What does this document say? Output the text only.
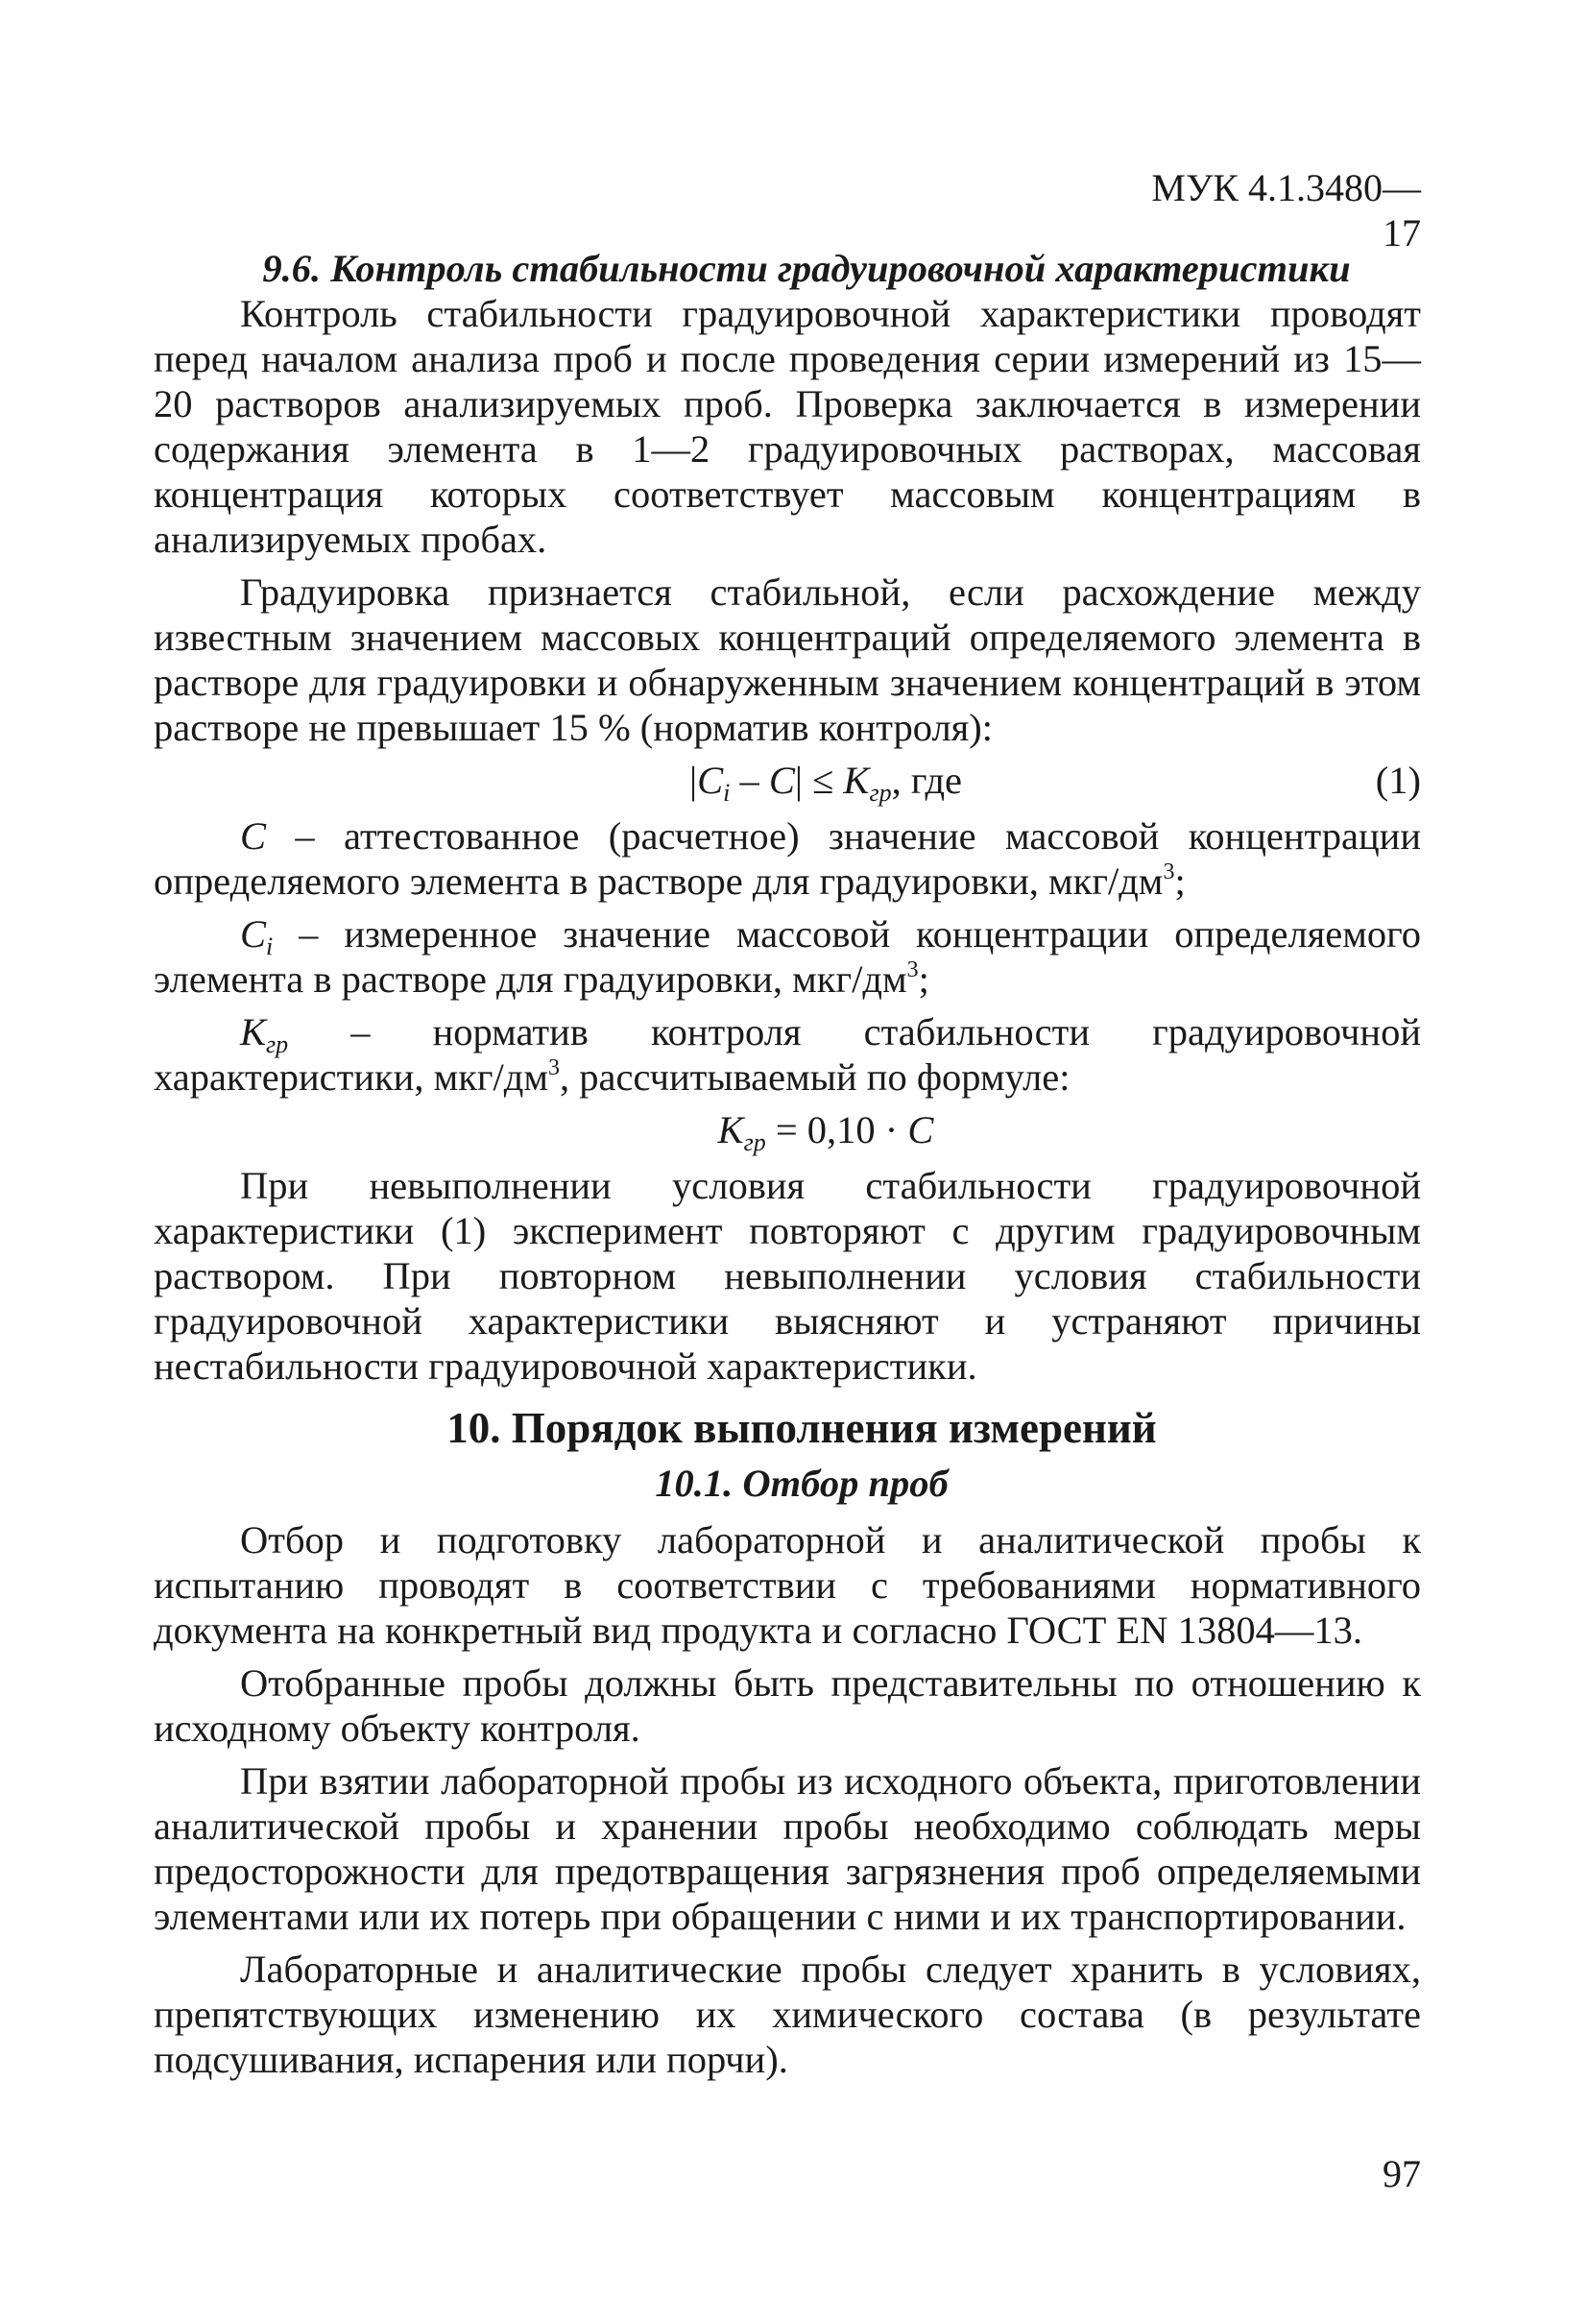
МУК 4.1.3480—17
9.6. Контроль стабильности градуировочной характеристики

Контроль стабильности градуировочной характеристики проводят перед началом анализа проб и после проведения серии измерений из 15—20 растворов анализируемых проб. Проверка заключается в измерении содержания элемента в 1—2 градуировочных растворах, массовая концентрация которых соответствует массовым концентрациям в анализируемых пробах.

Градуировка признается стабильной, если расхождение между известным значением массовых концентраций определяемого элемента в растворе для градуировки и обнаруженным значением концентраций в этом растворе не превышает 15 % (норматив контроля):

$|C_i - C| \le K_{гр}$, где	(1)

C – аттестованное (расчетное) значение массовой концентрации определяемого элемента в растворе для градуировки, мкг/$дм^3$;

$C_i$ – измеренное значение массовой концентрации определяемого элемента в растворе для градуировки, мкг/$дм^3$;

$K_{гр}$ – норматив контроля стабильности градуировочной характеристики, мкг/$дм^3$, рассчитываемый по формуле:

$K_{гр} = 0,10 \cdot C$

При невыполнении условия стабильности градуировочной характеристики (1) эксперимент повторяют с другим градуировочным раствором. При повторном невыполнении условия стабильности градуировочной характеристики выясняют и устраняют причины нестабильности градуировочной характеристики.

10. Порядок выполнения измерений
10.1. Отбор проб

Отбор и подготовку лабораторной и аналитической пробы к испытанию проводят в соответствии с требованиями нормативного документа на конкретный вид продукта и согласно ГОСТ EN 13804—13.

Отобранные пробы должны быть представительны по отношению к исходному объекту контроля.

При взятии лабораторной пробы из исходного объекта, приготовлении аналитической пробы и хранении пробы необходимо соблюдать меры предосторожности для предотвращения загрязнения проб определяемыми элементами или их потерь при обращении с ними и их транспортировании.

Лабораторные и аналитические пробы следует хранить в условиях, препятствующих изменению их химического состава (в результате подсушивания, испарения или порчи).

97
